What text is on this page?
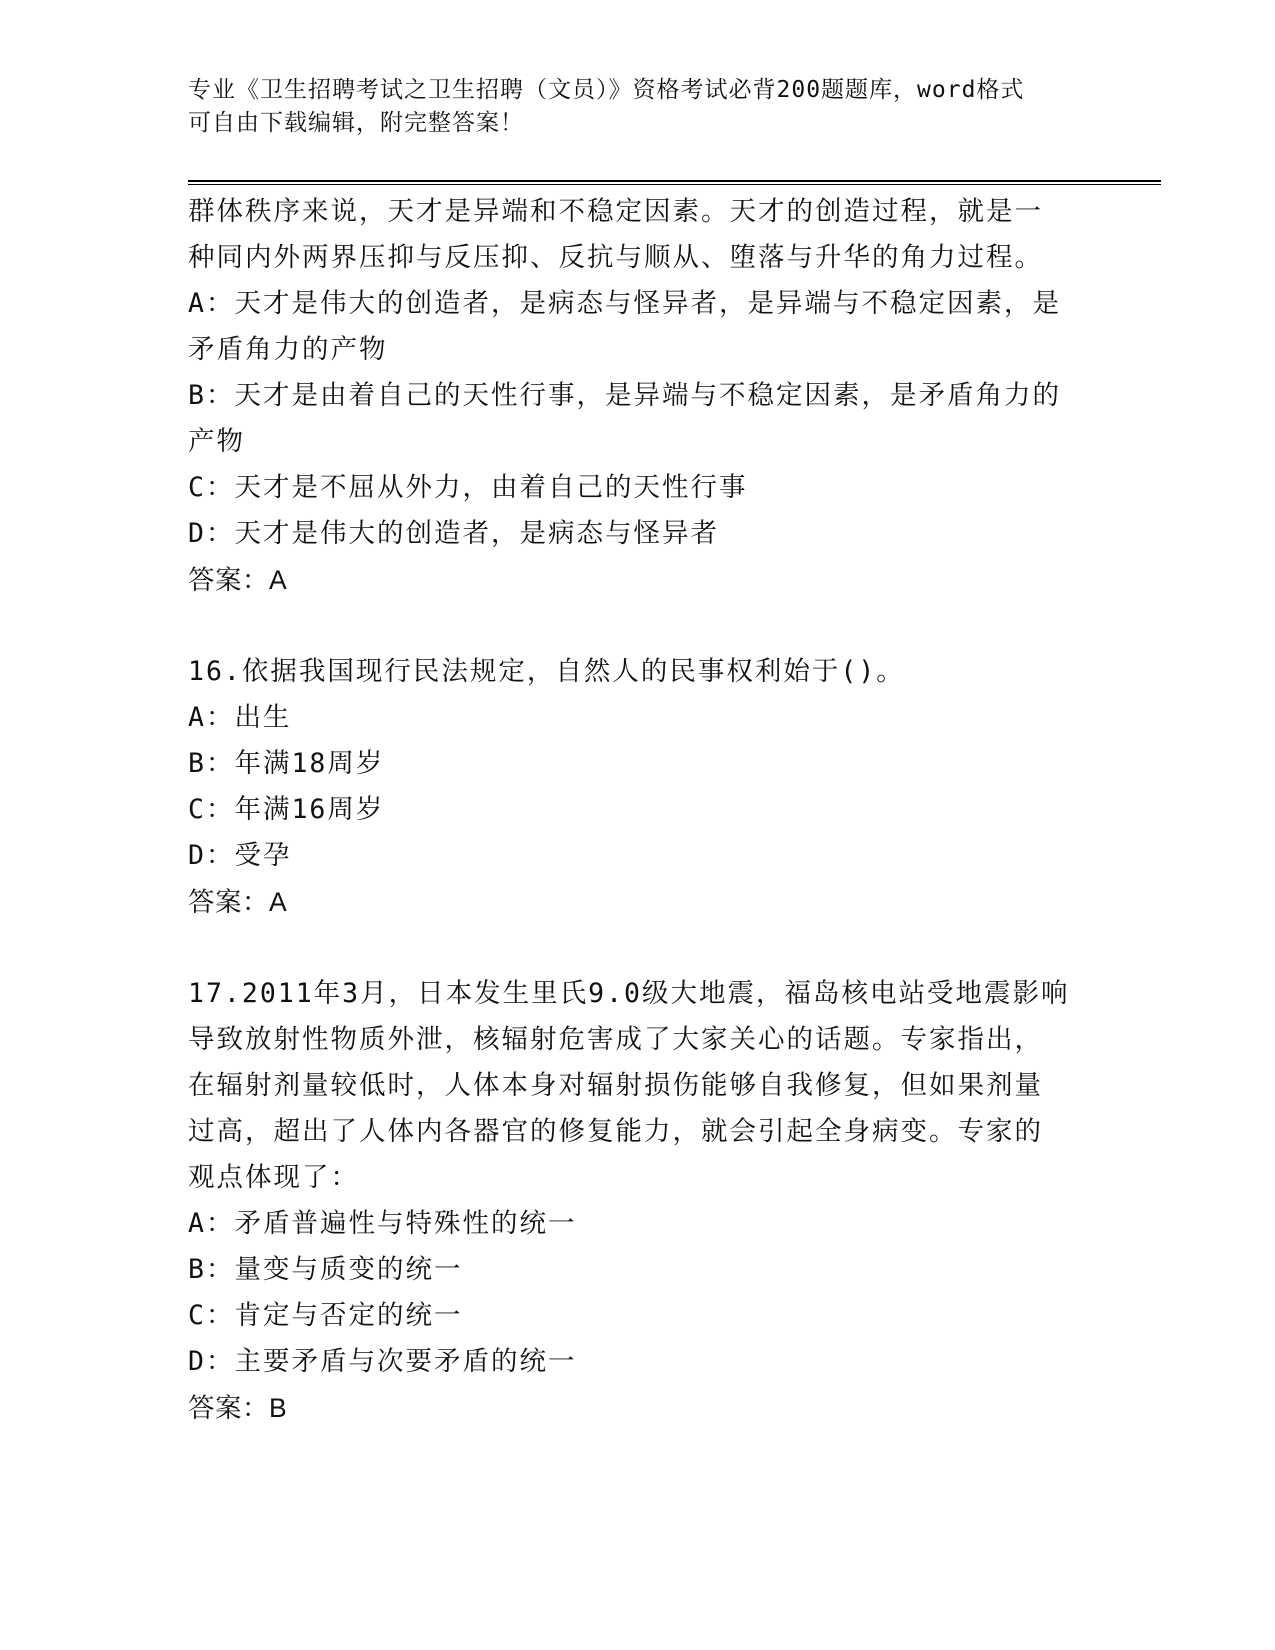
专业《卫生招聘考试之卫生招聘（文员）》资格考试必背200题题库，word格式
可自由下载编辑，附完整答案！
群体秩序来说，天才是异端和不稳定因素。天才的创造过程，就是一
种同内外两界压抑与反压抑、反抗与顺从、堕落与升华的角力过程。
A：天才是伟大的创造者，是病态与怪异者，是异端与不稳定因素，是
矛盾角力的产物
B：天才是由着自己的天性行事，是异端与不稳定因素，是矛盾角力的
产物
C：天才是不屈从外力，由着自己的天性行事
D：天才是伟大的创造者，是病态与怪异者
答案：A
16.依据我国现行民法规定，自然人的民事权利始于()。
A：出生
B：年满18周岁
C：年满16周岁
D：受孕
答案：A
17.2011年3月，日本发生里氏9.0级大地震，福岛核电站受地震影响
导致放射性物质外泄，核辐射危害成了大家关心的话题。专家指出，
在辐射剂量较低时，人体本身对辐射损伤能够自我修复，但如果剂量
过高，超出了人体内各器官的修复能力，就会引起全身病变。专家的
观点体现了：
A：矛盾普遍性与特殊性的统一
B：量变与质变的统一
C：肯定与否定的统一
D：主要矛盾与次要矛盾的统一
答案：B
